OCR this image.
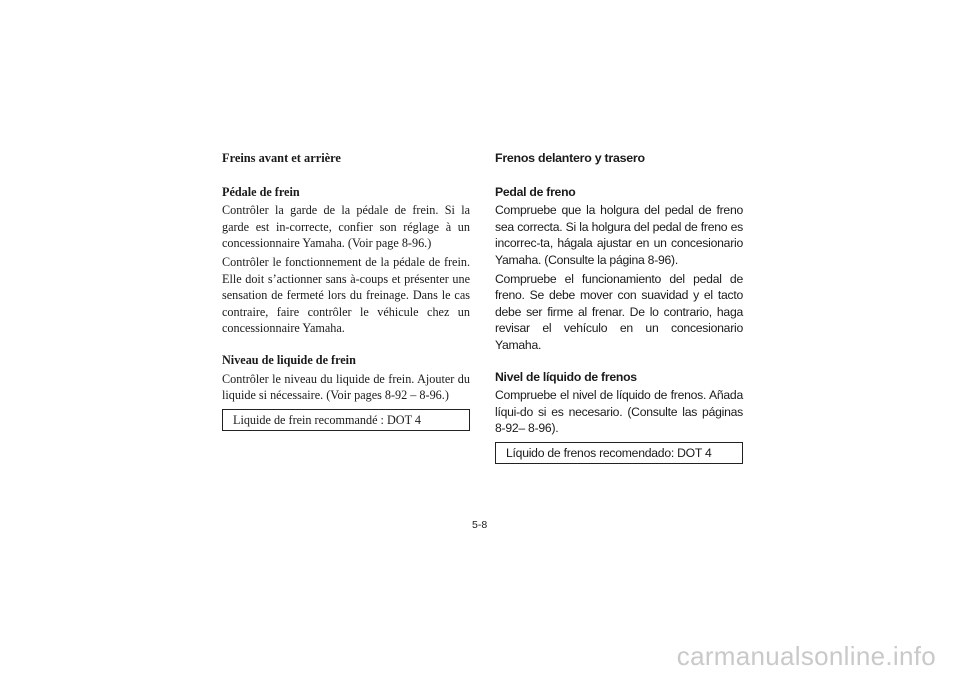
Freins avant et arrière
Pédale de frein
Contrôler la garde de la pédale de frein. Si la garde est in-correcte, confier son réglage à un concessionnaire Yamaha. (Voir page 8-96.)
Contrôler le fonctionnement de la pédale de frein. Elle doit s’actionner sans à-coups et présenter une sensation de fermeté lors du freinage. Dans le cas contraire, faire contrôler le véhicule chez un concessionnaire Yamaha.
Niveau de liquide de frein
Contrôler le niveau du liquide de frein. Ajouter du liquide si nécessaire. (Voir pages 8-92 – 8-96.)
Liquide de frein recommandé : DOT 4
Frenos delantero y trasero
Pedal de freno
Compruebe que la holgura del pedal de freno sea correcta. Si la holgura del pedal de freno es incorrec-ta, hágala ajustar en un concesionario Yamaha. (Consulte la página 8-96).
Compruebe el funcionamiento del pedal de freno. Se debe mover con suavidad y el tacto debe ser firme al frenar. De lo contrario, haga revisar el vehículo en un concesionario Yamaha.
Nivel de líquido de frenos
Compruebe el nivel de líquido de frenos. Añada líqui-do si es necesario. (Consulte las páginas 8-92– 8-96).
Líquido de frenos recomendado: DOT 4
5-8
carmanualsonline.info
